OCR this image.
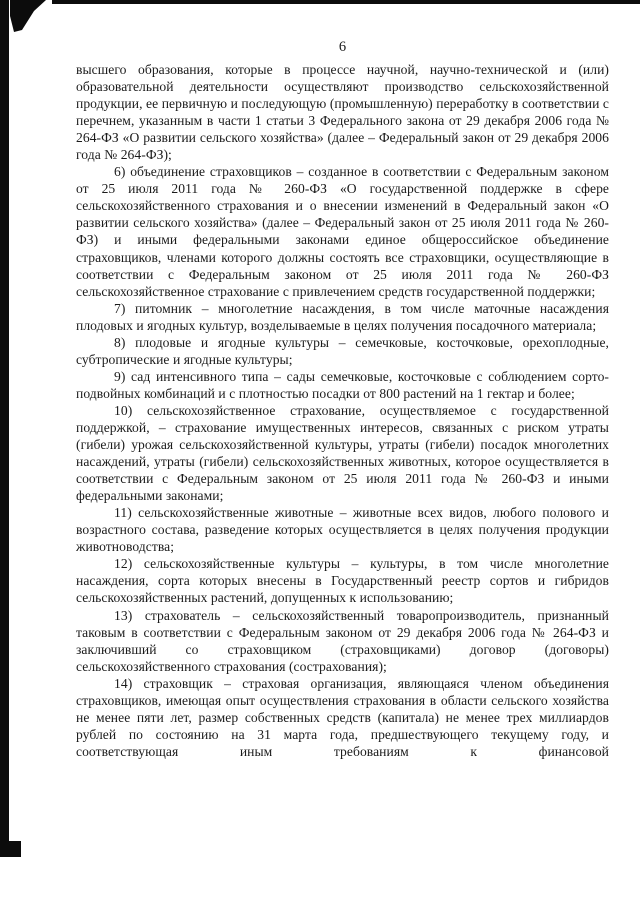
6

высшего образования, которые в процессе научной, научно-технической и (или) образовательной деятельности осуществляют производство сельскохозяйственной продукции, ее первичную и последующую (промышленную) переработку в соответствии с перечнем, указанным в части 1 статьи 3 Федерального закона от 29 декабря 2006 года № 264-ФЗ «О развитии сельского хозяйства» (далее – Федеральный закон от 29 декабря 2006 года № 264-ФЗ);

6) объединение страховщиков – созданное в соответствии с Федеральным законом от 25 июля 2011 года № 260-ФЗ «О государственной поддержке в сфере сельскохозяйственного страхования и о внесении изменений в Федеральный закон «О развитии сельского хозяйства» (далее – Федеральный закон от 25 июля 2011 года № 260-ФЗ) и иными федеральными законами единое общероссийское объединение страховщиков, членами которого должны состоять все страховщики, осуществляющие в соответствии с Федеральным законом от 25 июля 2011 года № 260-ФЗ сельскохозяйственное страхование с привлечением средств государственной поддержки;

7) питомник – многолетние насаждения, в том числе маточные насаждения плодовых и ягодных культур, возделываемые в целях получения посадочного материала;

8) плодовые и ягодные культуры – семечковые, косточковые, орехоплодные, субтропические и ягодные культуры;

9) сад интенсивного типа – сады семечковые, косточковые с соблюдением сорто-подвойных комбинаций и с плотностью посадки от 800 растений на 1 гектар и более;

10) сельскохозяйственное страхование, осуществляемое с государственной поддержкой, – страхование имущественных интересов, связанных с риском утраты (гибели) урожая сельскохозяйственной культуры, утраты (гибели) посадок многолетних насаждений, утраты (гибели) сельскохозяйственных животных, которое осуществляется в соответствии с Федеральным законом от 25 июля 2011 года № 260-ФЗ и иными федеральными законами;

11) сельскохозяйственные животные – животные всех видов, любого полового и возрастного состава, разведение которых осуществляется в целях получения продукции животноводства;

12) сельскохозяйственные культуры – культуры, в том числе многолетние насаждения, сорта которых внесены в Государственный реестр сортов и гибридов сельскохозяйственных растений, допущенных к использованию;

13) страхователь – сельскохозяйственный товаропроизводитель, признанный таковым в соответствии с Федеральным законом от 29 декабря 2006 года № 264-ФЗ и заключивший со страховщиком (страховщиками) договор (договоры) сельскохозяйственного страхования (сострахования);

14) страховщик – страховая организация, являющаяся членом объединения страховщиков, имеющая опыт осуществления страхования в области сельского хозяйства не менее пяти лет, размер собственных средств (капитала) не менее трех миллиардов рублей по состоянию на 31 марта года, предшествующего текущему году, и соответствующая иным требованиям к финансовой
